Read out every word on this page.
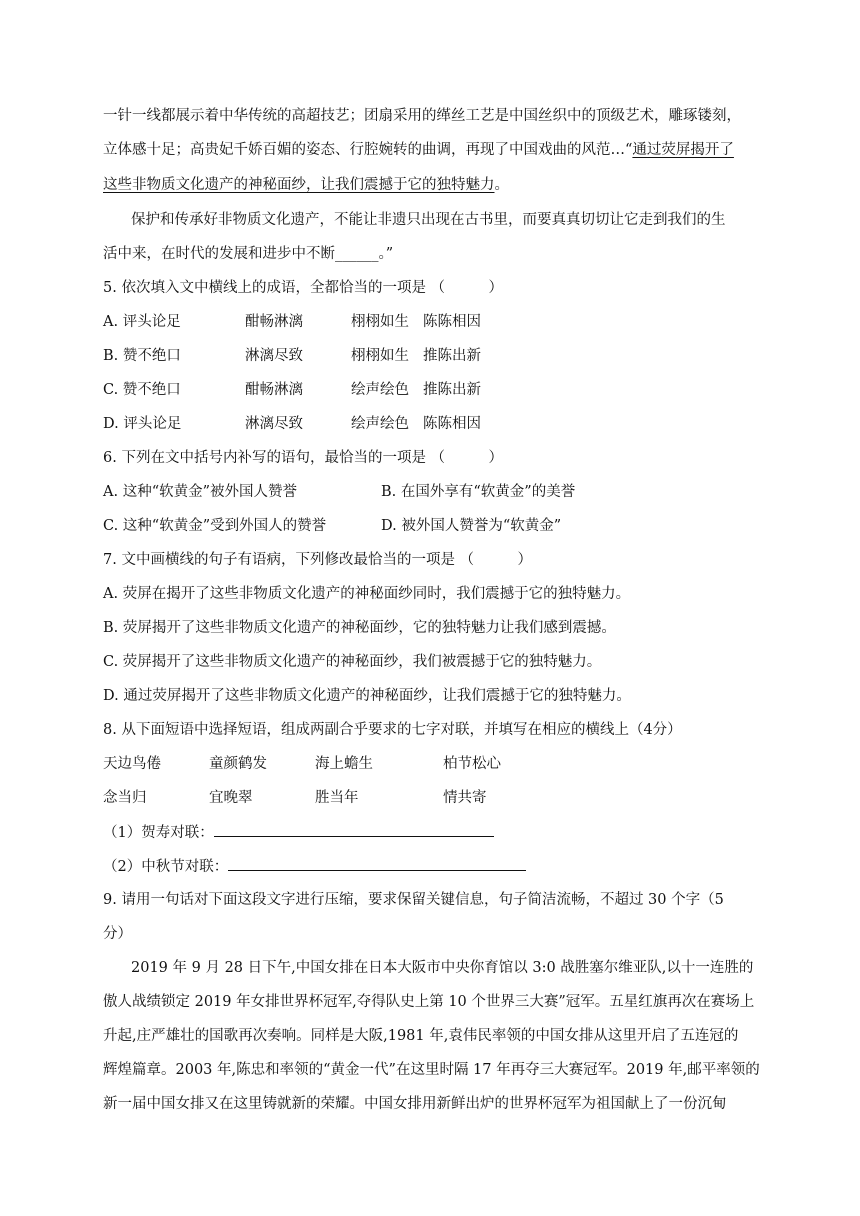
一针一线都展示着中华传统的高超技艺；团扇采用的缂丝工艺是中国丝织中的顶级艺术，雕琢镂刻，
立体感十足；高贵妃千娇百媚的姿态、行腔婉转的曲调，再现了中国戏曲的风范…“通过荧屏揭开了
这些非物质文化遗产的神秘面纱，让我们震撼于它的独特魅力。
保护和传承好非物质文化遗产，不能让非遗只出现在古书里，而要真真切切让它走到我们的生
活中来，在时代的发展和进步中不断______。”
5. 依次填入文中横线上的成语，全都恰当的一项是 （　　　）
A. 评头论足	酣畅淋漓	栩栩如生 陈陈相因
B. 赞不绝口	淋漓尽致	栩栩如生 推陈出新
C. 赞不绝口	酣畅淋漓	绘声绘色 推陈出新
D. 评头论足	淋漓尽致	绘声绘色 陈陈相因
6. 下列在文中括号内补写的语句，最恰当的一项是 （　　　）
A. 这种“软黄金”被外国人赞誉	B. 在国外享有“软黄金”的美誉
C. 这种“软黄金”受到外国人的赞誉	D. 被外国人赞誉为“软黄金”
7. 文中画横线的句子有语病，下列修改最恰当的一项是 （　　　）
A. 荧屏在揭开了这些非物质文化遗产的神秘面纱同时，我们震撼于它的独特魅力。
B. 荧屏揭开了这些非物质文化遗产的神秘面纱，它的独特魅力让我们感到震撼。
C. 荧屏揭开了这些非物质文化遗产的神秘面纱，我们被震撼于它的独特魅力。
D. 通过荧屏揭开了这些非物质文化遗产的神秘面纱，让我们震撼于它的独特魅力。
8. 从下面短语中选择短语，组成两副合乎要求的七字对联，并填写在相应的横线上（4分）
天边鸟倦	童颜鹤发	海上蟾生	柏节松心
念当归	宜晚翠	胜当年	情共寄
（1）贺寿对联：
（2）中秋节对联：
9. 请用一句话对下面这段文字进行压缩，要求保留关键信息，句子简洁流畅，不超过 30 个字（5
分）
2019 年 9 月 28 日下午,中国女排在日本大阪市中央你育馆以 3:0 战胜塞尔维亚队,以十一连胜的
傲人战绩锁定 2019 年女排世界杯冠军,夺得队史上第 10 个世界三大赛”冠军。五星红旗再次在赛场上
升起,庄严雄壮的国歌再次奏响。同样是大阪,1981 年,袁伟民率领的中国女排从这里开启了五连冠的
辉煌篇章。2003 年,陈忠和率领的“黄金一代”在这里时隔 17 年再夺三大赛冠军。2019 年,邮平率领的
新一届中国女排又在这里铸就新的荣耀。中国女排用新鲜出炉的世界杯冠军为祖国献上了一份沉甸
